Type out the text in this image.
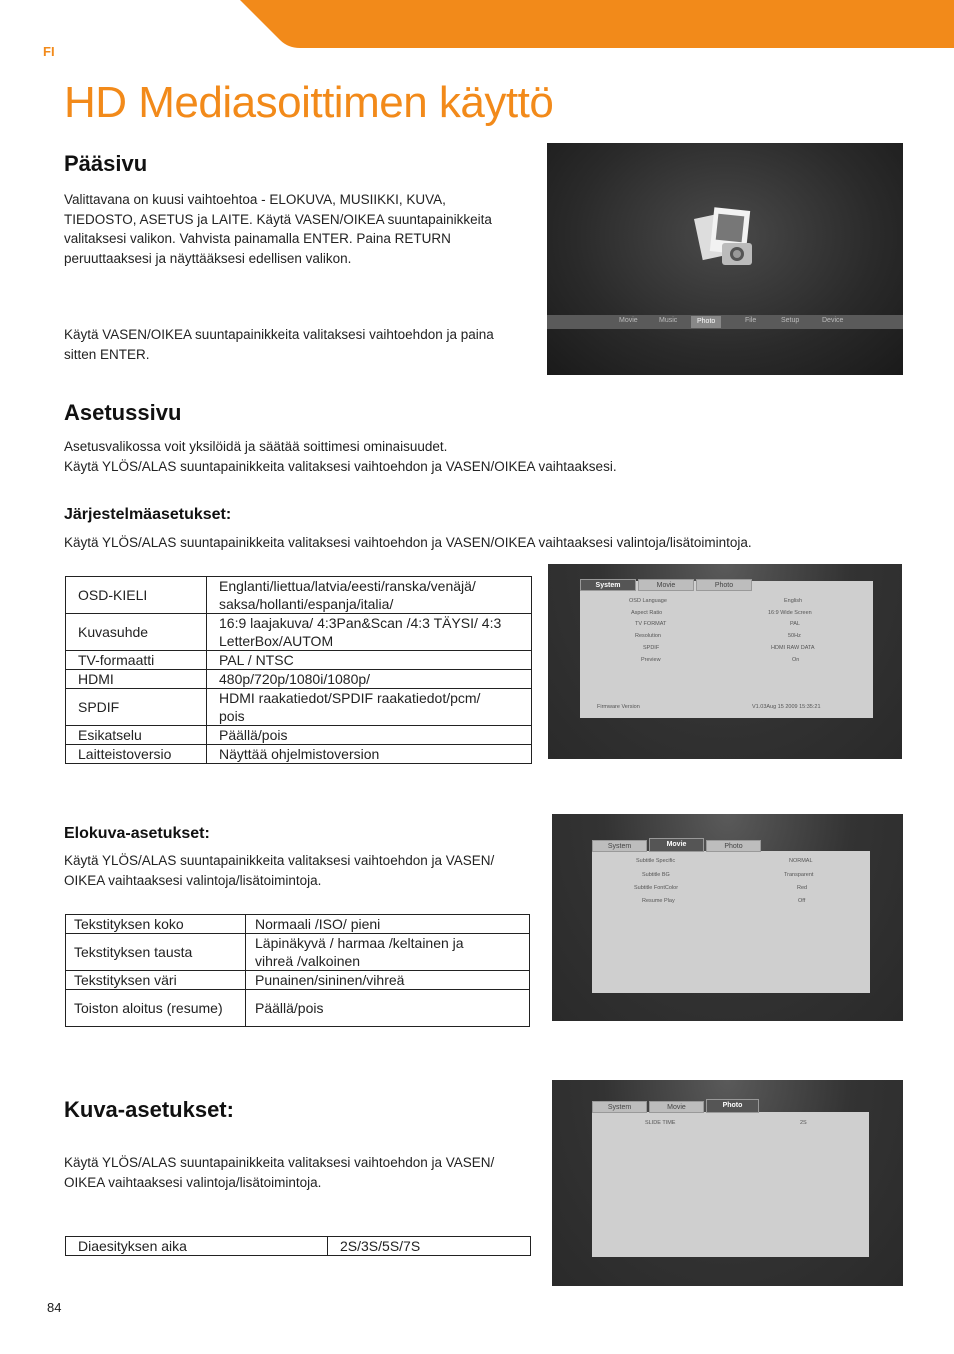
FI
HD Mediasoittimen käyttö
Pääsivu
Valittavana on kuusi vaihtoehtoa - ELOKUVA, MUSIIKKI, KUVA,
TIEDOSTO, ASETUS ja LAITE. Käytä VASEN/OIKEA suuntapainikkeita
valitaksesi valikon. Vahvista painamalla ENTER. Paina RETURN
peruuttaaksesi ja näyttääksesi edellisen valikon.
Käytä VASEN/OIKEA suuntapainikkeita valitaksesi vaihtoehdon ja paina
sitten ENTER.
Movie	Music	Photo	File	Setup	Device
Asetussivu
Asetusvalikossa voit yksilöidä ja säätää soittimesi ominaisuudet.
Käytä YLÖS/ALAS suuntapainikkeita valitaksesi vaihtoehdon ja VASEN/OIKEA vaihtaaksesi.
Järjestelmäasetukset:
Käytä YLÖS/ALAS suuntapainikkeita valitaksesi vaihtoehdon ja VASEN/OIKEA vaihtaaksesi valintoja/lisätoimintoja.
OSD-KIELI	Englanti/liettua/latvia/eesti/ranska/venäjä/
saksa/hollanti/espanja/italia/

Kuvasuhde	16:9 laajakuva/ 4:3Pan&Scan /4:3 TÄYSI/ 4:3
LetterBox/AUTOM

TV-formaatti	PAL / NTSC
HDMI	480p/720p/1080i/1080p/
SPDIF	HDMI raakatiedot/SPDIF raakatiedot/pcm/
pois

Esikatselu	Päällä/pois
Laitteistoversio	Näyttää ohjelmistoversion
System	Movie	Photo
OSD Language	English
Aspect Ratio	16:9 Wide Screen
TV FORMAT	PAL
Resolution	50Hz
SPDIF	HDMI RAW DATA
Preview	On
Firmware Version	V1.03Aug 15 2009 15:35:21
Elokuva-asetukset:
Käytä YLÖS/ALAS suuntapainikkeita valitaksesi vaihtoehdon ja VASEN/
OIKEA vaihtaaksesi valintoja/lisätoimintoja.
Tekstityksen koko	Normaali /ISO/ pieni
Tekstityksen tausta	Läpinäkyvä / harmaa /keltainen ja
vihreä /valkoinen

Tekstityksen väri	Punainen/sininen/vihreä
Toiston aloitus (resume)	Päällä/pois
System	Movie	Photo
Subtitle Specific	NORMAL
Subtitle BG	Transparent
Subtitle FontColor	Red
Resume Play	Off
Kuva-asetukset:
Käytä YLÖS/ALAS suuntapainikkeita valitaksesi vaihtoehdon ja VASEN/
OIKEA vaihtaaksesi valintoja/lisätoimintoja.
Diaesityksen aika	2S/3S/5S/7S
System	Movie	Photo
SLIDE TIME	2S
84
